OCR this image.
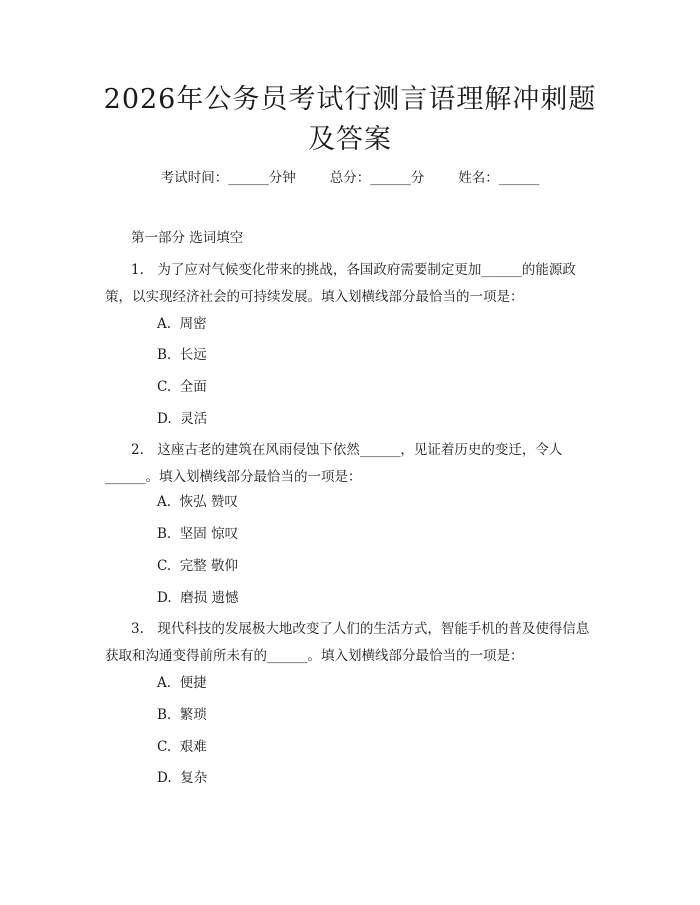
2026年公务员考试行测言语理解冲刺题及答案
考试时间：______分钟	总分：______分	姓名：______
第一部分 选词填空
1.　为了应对气候变化带来的挑战，各国政府需要制定更加______的能源政策，以实现经济社会的可持续发展。填入划横线部分最恰当的一项是：
A.  周密
B.  长远
C.  全面
D.  灵活
2.　这座古老的建筑在风雨侵蚀下依然______，见证着历史的变迁，令人______。填入划横线部分最恰当的一项是：
A.  恢弘 赞叹
B.  坚固 惊叹
C.  完整 敬仰
D.  磨损 遗憾
3.　现代科技的发展极大地改变了人们的生活方式，智能手机的普及使得信息获取和沟通变得前所未有的______。填入划横线部分最恰当的一项是：
A.  便捷
B.  繁琐
C.  艰难
D.  复杂
